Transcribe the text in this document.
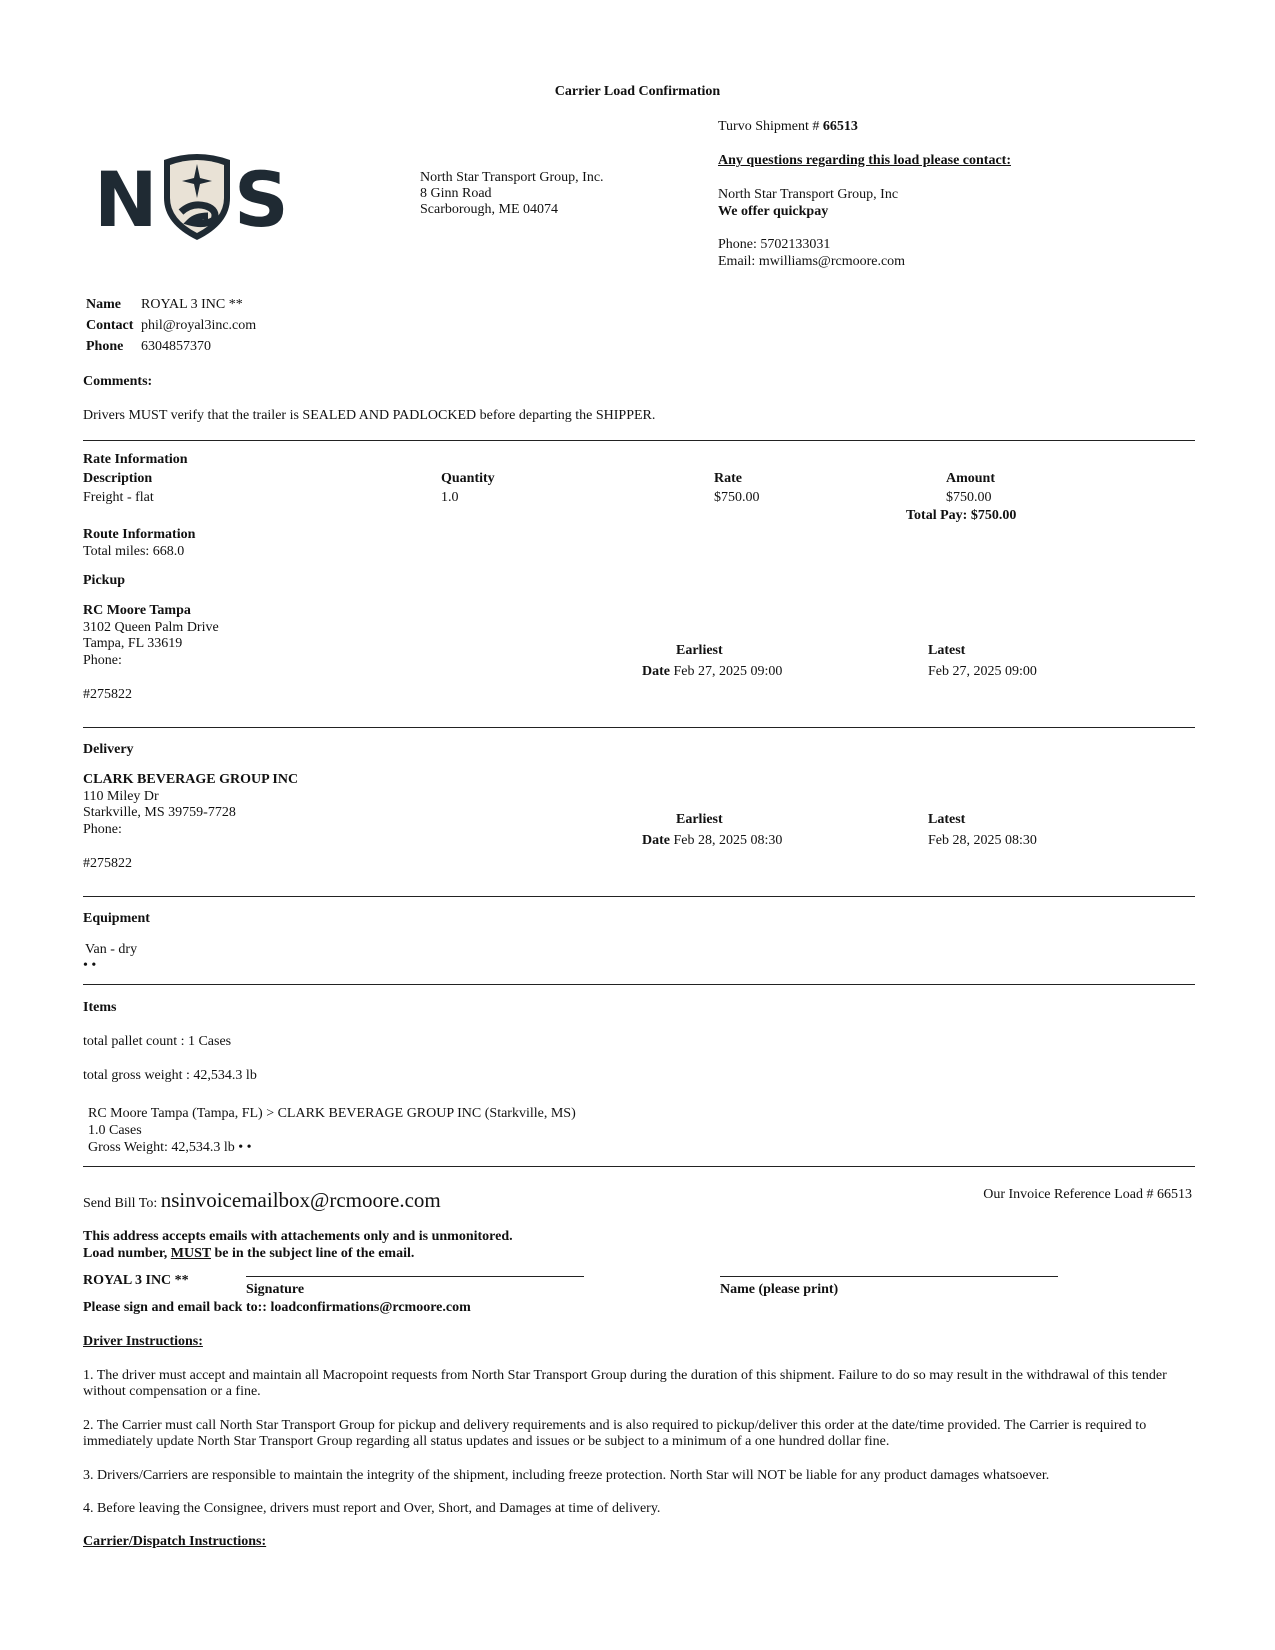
Carrier Load Confirmation
N S	North Star Transport Group, Inc.
8 Ginn Road
Scarborough, ME 04074
Turvo Shipment # 66513
Any questions regarding this load please contact:
North Star Transport Group, Inc
We offer quickpay
Phone: 5702133031
Email: mwilliams@rcmoore.com
Name ROYAL 3 INC **
Contact phil@royal3inc.com
Phone 6304857370
Comments:
Drivers MUST verify that the trailer is SEALED AND PADLOCKED before departing the SHIPPER.
Rate Information
Description	Quantity	Rate	Amount
Freight - flat	1.0	$750.00	$750.00
Total Pay: $750.00
Route Information
Total miles: 668.0
Pickup
RC Moore Tampa
3102 Queen Palm Drive
Tampa, FL 33619
Phone:
#275822
Earliest	Latest
Date Feb 27, 2025 09:00	Feb 27, 2025 09:00
Delivery
CLARK BEVERAGE GROUP INC
110 Miley Dr
Starkville, MS 39759-7728
Phone:
#275822
Earliest	Latest
Date Feb 28, 2025 08:30	Feb 28, 2025 08:30
Equipment
Van - dry
• •
Items
total pallet count : 1 Cases
total gross weight : 42,534.3 lb
RC Moore Tampa (Tampa, FL) > CLARK BEVERAGE GROUP INC (Starkville, MS)
1.0 Cases
Gross Weight: 42,534.3 lb • •
Send Bill To: nsinvoicemailbox@rcmoore.com	Our Invoice Reference Load # 66513
This address accepts emails with attachements only and is unmonitored.
Load number, MUST be in the subject line of the email.
ROYAL 3 INC **
Signature	Name (please print)
Please sign and email back to:: loadconfirmations@rcmoore.com
Driver Instructions:
1. The driver must accept and maintain all Macropoint requests from North Star Transport Group during the duration of this shipment. Failure to do so may result in the withdrawal of this tender without compensation or a fine.
2. The Carrier must call North Star Transport Group for pickup and delivery requirements and is also required to pickup/deliver this order at the date/time provided. The Carrier is required to immediately update North Star Transport Group regarding all status updates and issues or be subject to a minimum of a one hundred dollar fine.
3. Drivers/Carriers are responsible to maintain the integrity of the shipment, including freeze protection. North Star will NOT be liable for any product damages whatsoever.
4. Before leaving the Consignee, drivers must report and Over, Short, and Damages at time of delivery.
Carrier/Dispatch Instructions:
